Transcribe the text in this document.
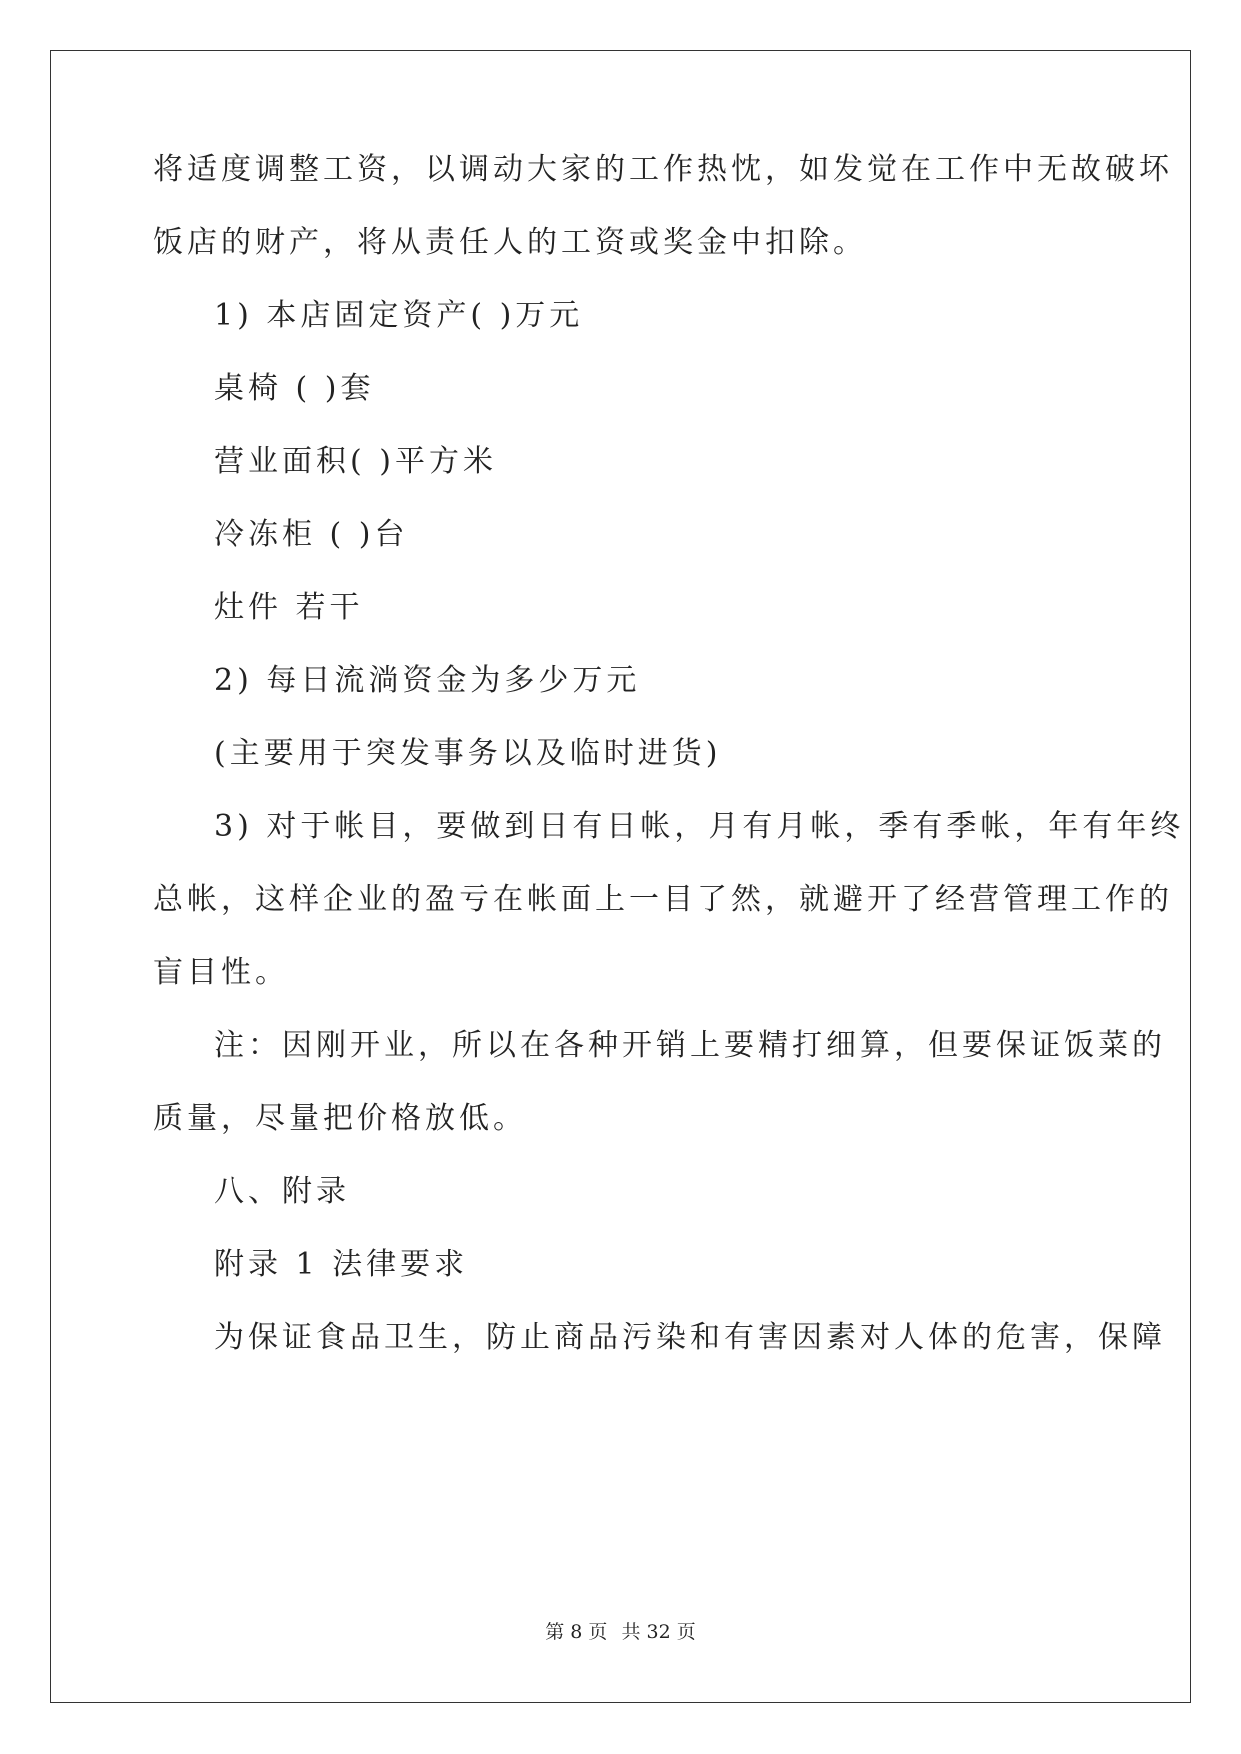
将适度调整工资，以调动大家的工作热忱，如发觉在工作中无故破坏
饭店的财产，将从责任人的工资或奖金中扣除。
1) 本店固定资产( )万元
桌椅 ( )套
营业面积( )平方米
冷冻柜 ( )台
灶件 若干
2) 每日流淌资金为多少万元
(主要用于突发事务以及临时进货)
3) 对于帐目，要做到日有日帐，月有月帐，季有季帐，年有年终
总帐，这样企业的盈亏在帐面上一目了然，就避开了经营管理工作的
盲目性。
注：因刚开业，所以在各种开销上要精打细算，但要保证饭菜的
质量，尽量把价格放低。
八、附录
附录 1 法律要求
为保证食品卫生，防止商品污染和有害因素对人体的危害，保障
第 8 页 共 32 页
